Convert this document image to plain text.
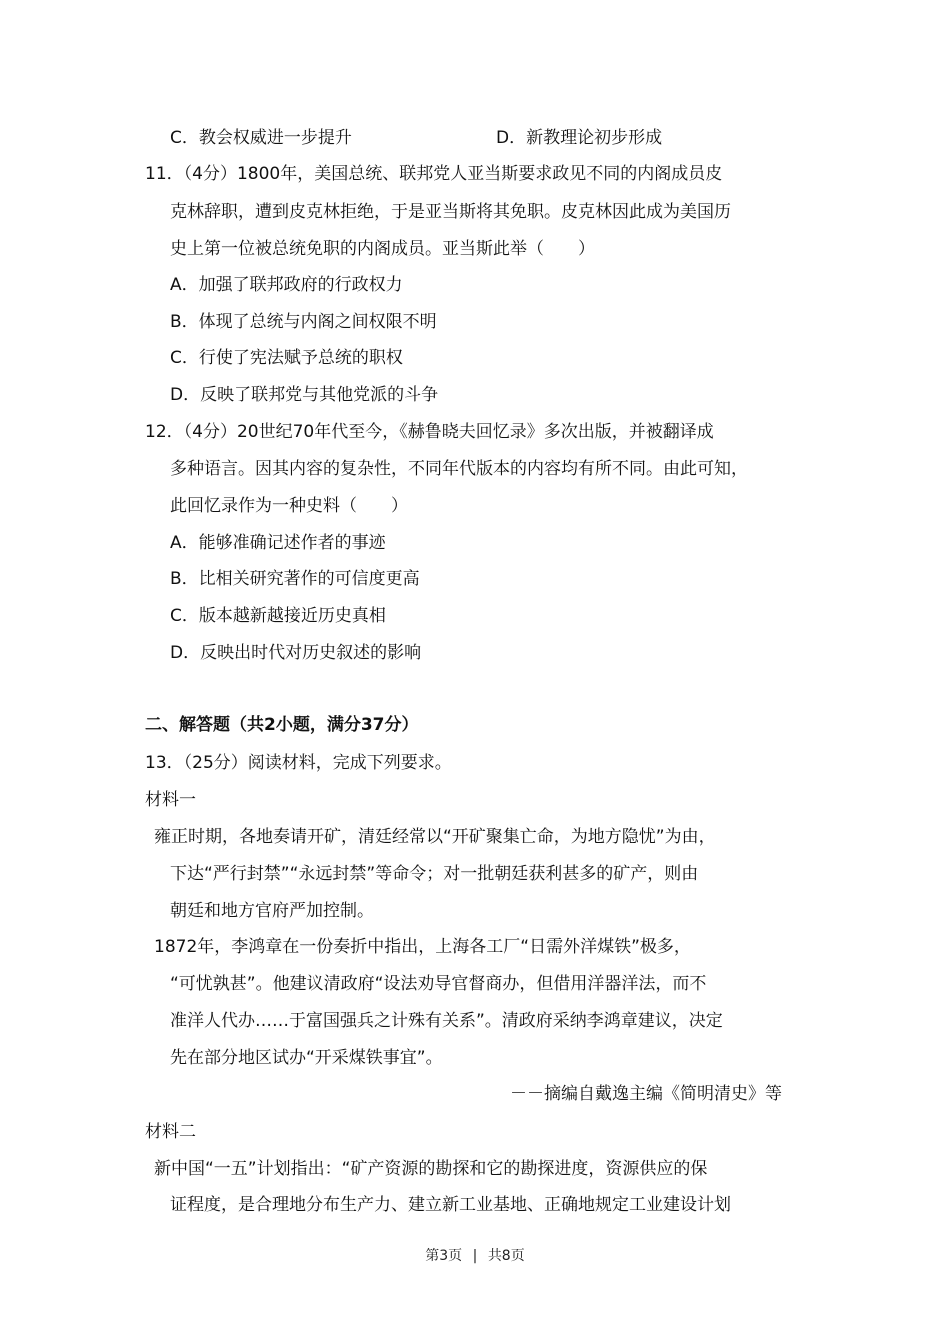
C．教会权威进一步提升	D．新教理论初步形成
11．（4分）1800年，美国总统、联邦党人亚当斯要求政见不同的内阁成员皮
克林辞职，遭到皮克林拒绝，于是亚当斯将其免职。皮克林因此成为美国历
史上第一位被总统免职的内阁成员。亚当斯此举（　　）
A．加强了联邦政府的行政权力
B．体现了总统与内阁之间权限不明
C．行使了宪法赋予总统的职权
D．反映了联邦党与其他党派的斗争
12．（4分）20世纪70年代至今，《赫鲁晓夫回忆录》多次出版，并被翻译成
多种语言。因其内容的复杂性，不同年代版本的内容均有所不同。由此可知，
此回忆录作为一种史料（　　）
A．能够准确记述作者的事迹
B．比相关研究著作的可信度更高
C．版本越新越接近历史真相
D．反映出时代对历史叙述的影响
二、解答题（共2小题，满分37分）
13．（25分）阅读材料，完成下列要求。
材料一
雍正时期，各地奏请开矿，清廷经常以“开矿聚集亡命，为地方隐忧”为由，
下达“严行封禁”“永远封禁”等命令；对一批朝廷获利甚多的矿产，则由
朝廷和地方官府严加控制。
1872年，李鸿章在一份奏折中指出，上海各工厂“日需外洋煤铁”极多，
“可忧孰甚”。他建议清政府“设法劝导官督商办，但借用洋器洋法，而不
准洋人代办……于富国强兵之计殊有关系”。清政府采纳李鸿章建议，决定
先在部分地区试办“开采煤铁事宜”。
－－摘编自戴逸主编《简明清史》等
材料二
新中国“一五”计划指出：“矿产资源的勘探和它的勘探进度，资源供应的保
证程度，是合理地分布生产力、建立新工业基地、正确地规定工业建设计划
第3页 | 共8页
